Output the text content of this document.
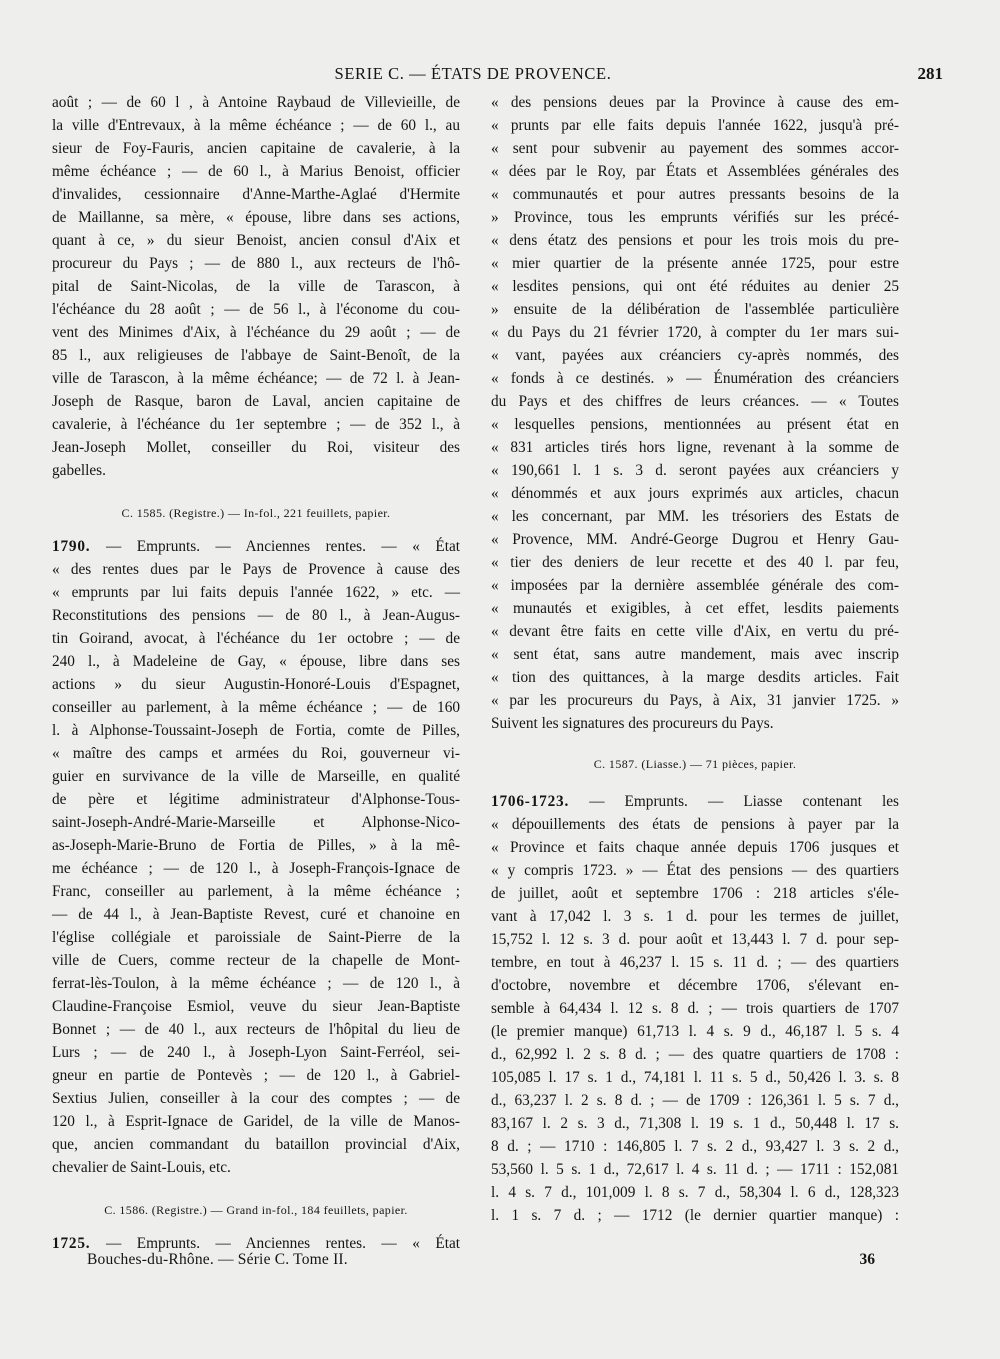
SERIE C. — ÉTATS DE PROVENCE.	281

août ; — de 60 l , à Antoine Raybaud de Villevieille, de
la ville d'Entrevaux, à la même échéance ; — de 60 l., au
sieur de Foy-Fauris, ancien capitaine de cavalerie, à la
même échéance ; — de 60 l., à Marius Benoist, officier
d'invalides, cessionnaire d'Anne-Marthe-Aglaé d'Hermite
de Maillanne, sa mère, « épouse, libre dans ses actions,
quant à ce, » du sieur Benoist, ancien consul d'Aix et
procureur du Pays ; — de 880 l., aux recteurs de l'hô-
pital de Saint-Nicolas, de la ville de Tarascon, à
l'échéance du 28 août ; — de 56 l., à l'économe du cou-
vent des Minimes d'Aix, à l'échéance du 29 août ; — de
85 l., aux religieuses de l'abbaye de Saint-Benoît, de la
ville de Tarascon, à la même échéance; — de 72 l. à Jean-
Joseph de Rasque, baron de Laval, ancien capitaine de
cavalerie, à l'échéance du 1er septembre ; — de 352 l., à
Jean-Joseph Mollet, conseiller du Roi, visiteur des
gabelles.

C. 1585. (Registre.) — In-fol., 221 feuillets, papier.

1790. — Emprunts. — Anciennes rentes. — « État
« des rentes dues par le Pays de Provence à cause des
« emprunts par lui faits depuis l'année 1622, » etc. —
Reconstitutions des pensions — de 80 l., à Jean-Augus-
tin Goirand, avocat, à l'échéance du 1er octobre ; — de
240 l., à Madeleine de Gay, « épouse, libre dans ses
actions » du sieur Augustin-Honoré-Louis d'Espagnet,
conseiller au parlement, à la même échéance ; — de 160
l. à Alphonse-Toussaint-Joseph de Fortia, comte de Pilles,
« maître des camps et armées du Roi, gouverneur vi-
guier en survivance de la ville de Marseille, en qualité
de père et légitime administrateur d'Alphonse-Tous-
saint-Joseph-André-Marie-Marseille et Alphonse-Nico-
as-Joseph-Marie-Bruno de Fortia de Pilles, » à la mê-
me échéance ; — de 120 l., à Joseph-François-Ignace de
Franc, conseiller au parlement, à la même échéance ;
— de 44 l., à Jean-Baptiste Revest, curé et chanoine en
l'église collégiale et paroissiale de Saint-Pierre de la
ville de Cuers, comme recteur de la chapelle de Mont-
ferrat-lès-Toulon, à la même échéance ; — de 120 l., à
Claudine-Françoise Esmiol, veuve du sieur Jean-Baptiste
Bonnet ; — de 40 l., aux recteurs de l'hôpital du lieu de
Lurs ; — de 240 l., à Joseph-Lyon Saint-Ferréol, sei-
gneur en partie de Pontevès ; — de 120 l., à Gabriel-
Sextius Julien, conseiller à la cour des comptes ; — de
120 l., à Esprit-Ignace de Garidel, de la ville de Manos-
que, ancien commandant du bataillon provincial d'Aix,
chevalier de Saint-Louis, etc.

C. 1586. (Registre.) — Grand in-fol., 184 feuillets, papier.

1725. — Emprunts. — Anciennes rentes. — « État

« des pensions deues par la Province à cause des em-
« prunts par elle faits depuis l'année 1622, jusqu'à pré-
« sent pour subvenir au payement des sommes accor-
« dées par le Roy, par États et Assemblées générales des
« communautés et pour autres pressants besoins de la
» Province, tous les emprunts vérifiés sur les précé-
« dens étatz des pensions et pour les trois mois du pre-
« mier quartier de la présente année 1725, pour estre
« lesdites pensions, qui ont été réduites au denier 25
» ensuite de la délibération de l'assemblée particulière
« du Pays du 21 février 1720, à compter du 1er mars sui-
« vant, payées aux créanciers cy-après nommés, des
« fonds à ce destinés. » — Énumération des créanciers
du Pays et des chiffres de leurs créances. — « Toutes
« lesquelles pensions, mentionnées au présent état en
« 831 articles tirés hors ligne, revenant à la somme de
« 190,661 l. 1 s. 3 d. seront payées aux créanciers y
« dénommés et aux jours exprimés aux articles, chacun
« les concernant, par MM. les trésoriers des Estats de
« Provence, MM. André-George Dugrou et Henry Gau-
« tier des deniers de leur recette et des 40 l. par feu,
« imposées par la dernière assemblée générale des com-
« munautés et exigibles, à cet effet, lesdits paiements
« devant être faits en cette ville d'Aix, en vertu du pré-
« sent état, sans autre mandement, mais avec inscrip
« tion des quittances, à la marge desdits articles. Fait
« par les procureurs du Pays, à Aix, 31 janvier 1725. »
Suivent les signatures des procureurs du Pays.

C. 1587. (Liasse.) — 71 pièces, papier.

1706-1723. — Emprunts. — Liasse contenant les
« dépouillements des états de pensions à payer par la
« Province et faits chaque année depuis 1706 jusques et
« y compris 1723. » — État des pensions — des quartiers
de juillet, août et septembre 1706 : 218 articles s'éle-
vant à 17,042 l. 3 s. 1 d. pour les termes de juillet,
15,752 l. 12 s. 3 d. pour août et 13,443 l. 7 d. pour sep-
tembre, en tout à 46,237 l. 15 s. 11 d. ; — des quartiers
d'octobre, novembre et décembre 1706, s'élevant en-
semble à 64,434 l. 12 s. 8 d. ; — trois quartiers de 1707
(le premier manque) 61,713 l. 4 s. 9 d., 46,187 l. 5 s. 4
d., 62,992 l. 2 s. 8 d. ; — des quatre quartiers de 1708 :
105,085 l. 17 s. 1 d., 74,181 l. 11 s. 5 d., 50,426 l. 3. s. 8
d., 63,237 l. 2 s. 8 d. ; — de 1709 : 126,361 l. 5 s. 7 d.,
83,167 l. 2 s. 3 d., 71,308 l. 19 s. 1 d., 50,448 l. 17 s.
8 d. ; — 1710 : 146,805 l. 7 s. 2 d., 93,427 l. 3 s. 2 d.,
53,560 l. 5 s. 1 d., 72,617 l. 4 s. 11 d. ; — 1711 : 152,081
l. 4 s. 7 d., 101,009 l. 8 s. 7 d., 58,304 l. 6 d., 128,323
l. 1 s. 7 d. ; — 1712 (le dernier quartier manque) :

Bouches-du-Rhône. — Série C. Tome II.	36
